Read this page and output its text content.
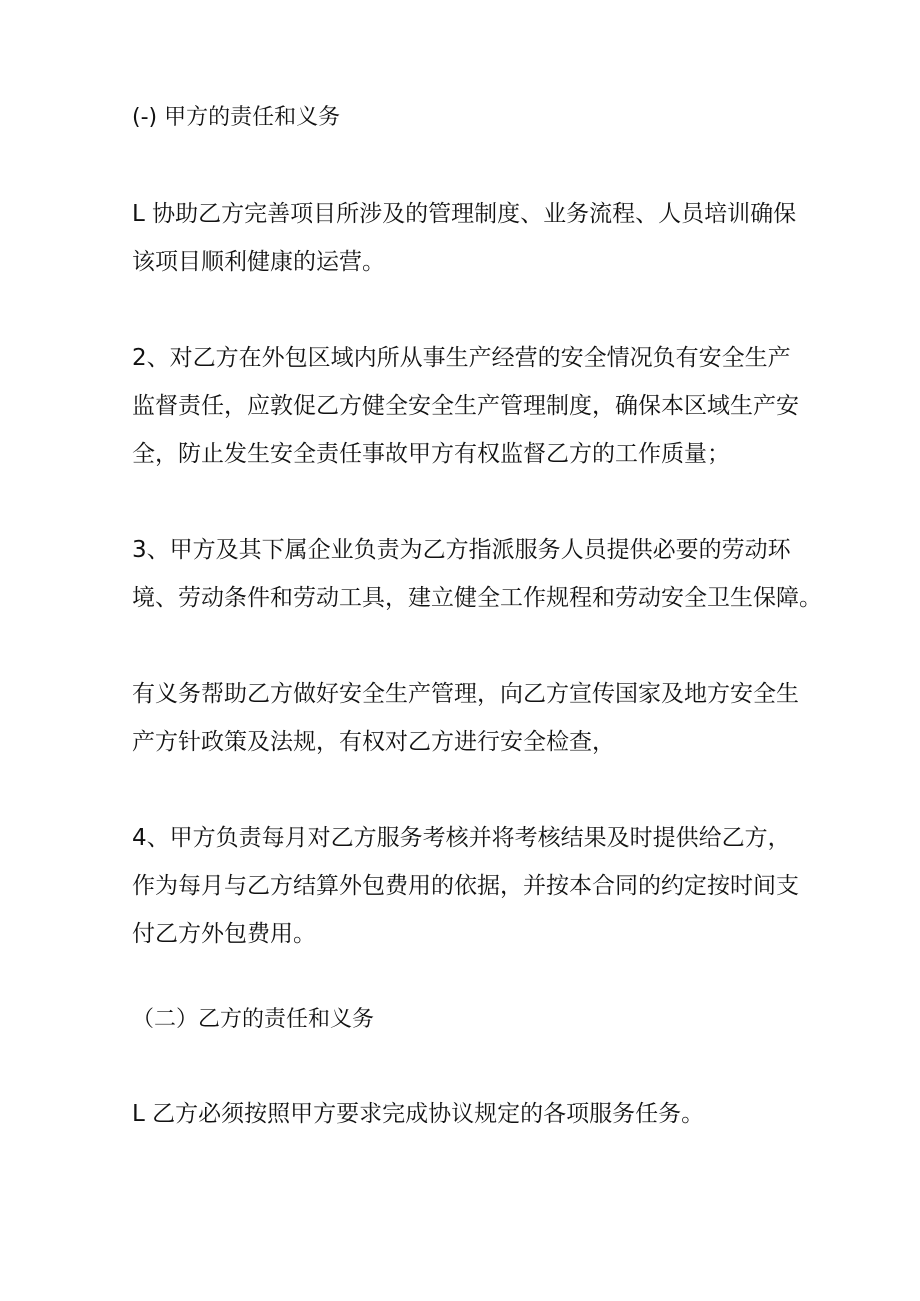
(-) 甲方的责任和义务

L 协助乙方完善项目所涉及的管理制度、业务流程、人员培训确保
该项目顺利健康的运营。

2、对乙方在外包区域内所从事生产经营的安全情况负有安全生产
监督责任，应敦促乙方健全安全生产管理制度，确保本区域生产安
全，防止发生安全责任事故甲方有权监督乙方的工作质量；

3、甲方及其下属企业负责为乙方指派服务人员提供必要的劳动环
境、劳动条件和劳动工具，建立健全工作规程和劳动安全卫生保障。

有义务帮助乙方做好安全生产管理，向乙方宣传国家及地方安全生
产方针政策及法规，有权对乙方进行安全检查，

4、甲方负责每月对乙方服务考核并将考核结果及时提供给乙方，
作为每月与乙方结算外包费用的依据，并按本合同的约定按时间支
付乙方外包费用。

（二）乙方的责任和义务

L 乙方必须按照甲方要求完成协议规定的各项服务任务。
